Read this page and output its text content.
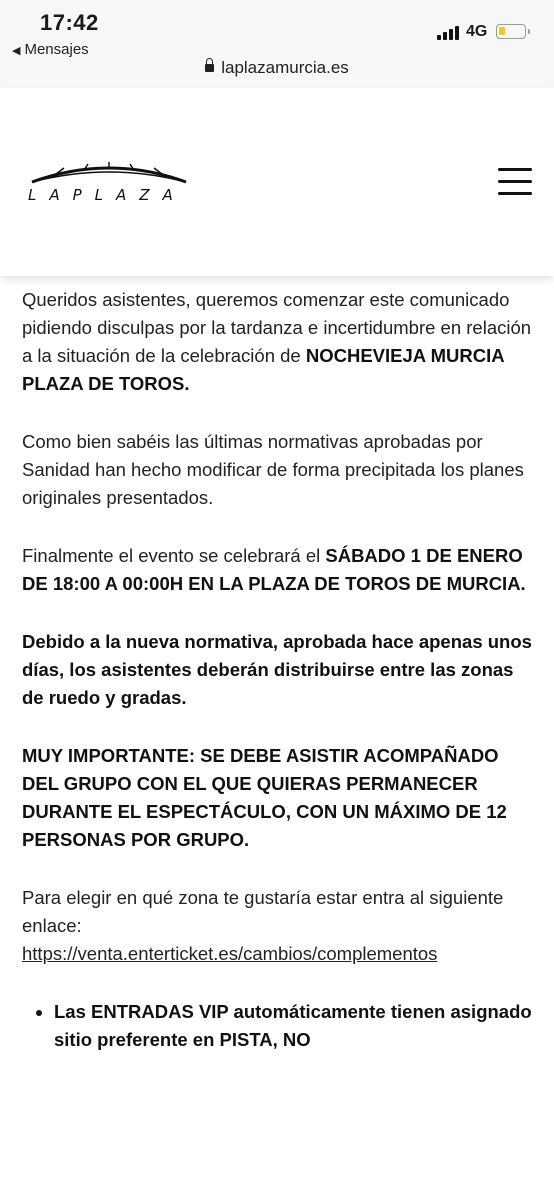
17:42
◀ Mensajes
4G
laplazamurcia.es
LAPLAZA

Queridos asistentes, queremos comenzar este comunicado pidiendo disculpas por la tardanza e incertidumbre en relación a la situación de la celebración de NOCHEVIEJA MURCIA PLAZA DE TOROS.

Como bien sabéis las últimas normativas aprobadas por Sanidad han hecho modificar de forma precipitada los planes originales presentados.

Finalmente el evento se celebrará el SÁBADO 1 DE ENERO DE 18:00 A 00:00H EN LA PLAZA DE TOROS DE MURCIA.

Debido a la nueva normativa, aprobada hace apenas unos días, los asistentes deberán distribuirse entre las zonas de ruedo y gradas.

MUY IMPORTANTE: SE DEBE ASISTIR ACOMPAÑADO DEL GRUPO CON EL QUE QUIERAS PERMANECER DURANTE EL ESPECTÁCULO, CON UN MÁXIMO DE 12 PERSONAS POR GRUPO.

Para elegir en qué zona te gustaría estar entra al siguiente enlace:
https://venta.enterticket.es/cambios/complementos

• Las ENTRADAS VIP automáticamente tienen asignado sitio preferente en PISTA, NO
